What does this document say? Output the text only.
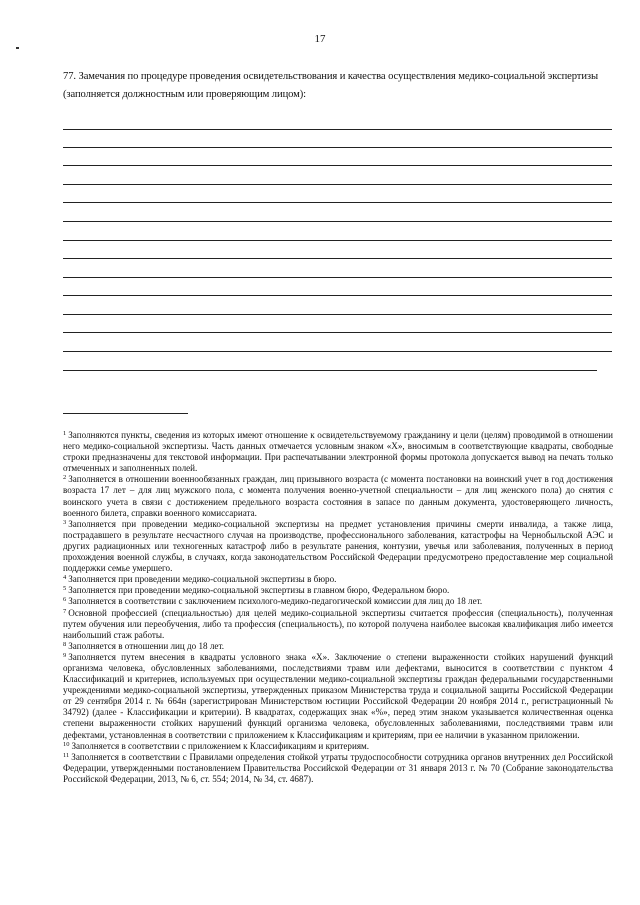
17
77. Замечания по процедуре проведения освидетельствования и качества осуществления медико-социальной экспертизы
(заполняется должностным или проверяющим лицом):

$^1$ Заполняются пункты, сведения из которых имеют отношение к освидетельствуемому гражданину и цели (целям) проводимой в отношении него медико-социальной экспертизы. Часть данных отмечается условным знаком «Х», вносимым в соответствующие квадраты, свободные строки предназначены для текстовой информации. При распечатывании электронной формы протокола допускается вывод на печать только отмеченных и заполненных полей.

$^2$ Заполняется в отношении военнообязанных граждан, лиц призывного возраста (с момента постановки на воинский учет в год достижения возраста 17 лет – для лиц мужского пола, с момента получения военно-учетной специальности – для лиц женского пола) до снятия с воинского учета в связи с достижением предельного возраста состояния в запасе по данным документа, удостоверяющего личность, военного билета, справки военного комиссариата.

$^3$ Заполняется при проведении медико-социальной экспертизы на предмет установления причины смерти инвалида, а также лица, пострадавшего в результате несчастного случая на производстве, профессионального заболевания, катастрофы на Чернобыльской АЭС и других радиационных или техногенных катастроф либо в результате ранения, контузии, увечья или заболевания, полученных в период прохождения военной службы, в случаях, когда законодательством Российской Федерации предусмотрено предоставление мер социальной поддержки семье умершего.

$^4$ Заполняется при проведении медико-социальной экспертизы в бюро.

$^5$ Заполняется при проведении медико-социальной экспертизы в главном бюро, Федеральном бюро.

$^6$ Заполняется в соответствии с заключением психолого-медико-педагогической комиссии для лиц до 18 лет.

$^7$ Основной профессией (специальностью) для целей медико-социальной экспертизы считается профессия (специальность), полученная путем обучения или переобучения, либо та профессия (специальность), по которой получена наиболее высокая квалификация либо имеется наибольший стаж работы.

$^8$ Заполняется в отношении лиц до 18 лет.

$^9$ Заполняется путем внесения в квадраты условного знака «Х». Заключение о степени выраженности стойких нарушений функций организма человека, обусловленных заболеваниями, последствиями травм или дефектами, выносится в соответствии с пунктом 4 Классификаций и критериев, используемых при осуществлении медико-социальной экспертизы граждан федеральными государственными учреждениями медико-социальной экспертизы, утвержденных приказом Министерства труда и социальной защиты Российской Федерации от 29 сентября 2014 г. № 664н (зарегистрирован Министерством юстиции Российской Федерации 20 ноября 2014 г., регистрационный № 34792) (далее - Классификации и критерии). В квадратах, содержащих знак «%», перед этим знаком указывается количественная оценка степени выраженности стойких нарушений функций организма человека, обусловленных заболеваниями, последствиями травм или дефектами, установленная в соответствии с приложением к Классификациям и критериям, при ее наличии в указанном приложении.

$^{10}$ Заполняется в соответствии с приложением к Классификациям и критериям.

$^{11}$ Заполняется в соответствии с Правилами определения стойкой утраты трудоспособности сотрудника органов внутренних дел Российской Федерации, утвержденными постановлением Правительства Российской Федерации от 31 января 2013 г. № 70 (Собрание законодательства Российской Федерации, 2013, № 6, ст. 554; 2014, № 34, ст. 4687).
